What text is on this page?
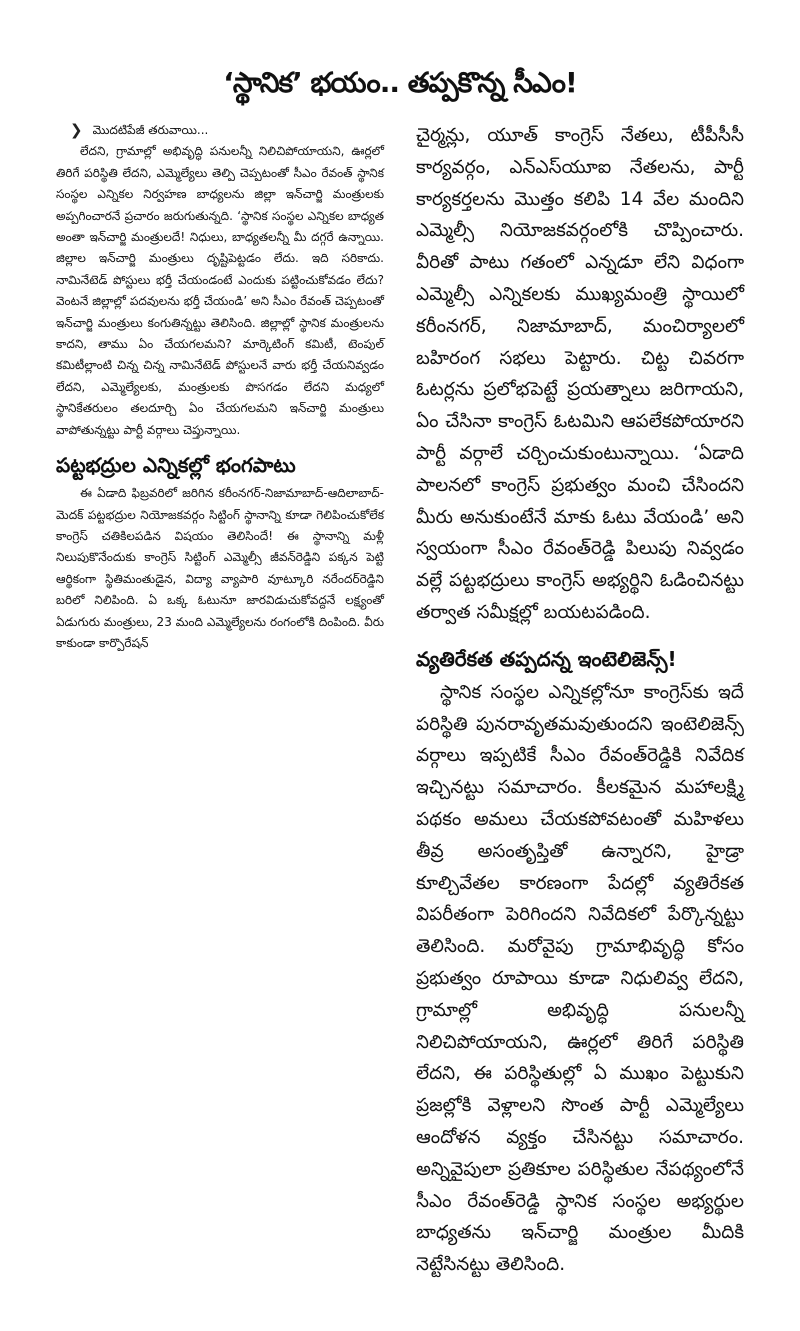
‘స్థానిక’ భయం.. తప్పకొన్న సీఎం!
❯ మొదటిపేజీ తరువాయి...

లేదని, గ్రామాల్లో అభివృద్ధి పనులన్నీ నిలిచిపోయాయని, ఊర్లలో తిరిగే పరిస్థితి లేదని, ఎమ్మెల్యేలు తెల్పి చెప్పటంతో సీఎం రేవంత్ స్థానిక సంస్థల ఎన్నికల నిర్వహణ బాధ్యలను జిల్లా ఇన్‌చార్జి మంత్రులకు అప్పగించారనే ప్రచారం జరుగుతున్నది. ‘స్థానిక సంస్థల ఎన్నికల బాధ్యత అంతా ఇన్‌చార్జి మంత్రులదే! నిధులు, బాధ్యతలన్నీ మీ దగ్గరే ఉన్నాయి. జిల్లాల ఇన్‌చార్జి మంత్రులు దృష్టిపెట్టడం లేదు. ఇది సరికాదు. నామినేటెడ్ పోస్టులు భర్తీ చేయండంటే ఎందుకు పట్టించుకోవడం లేదు? వెంటనే జిల్లాల్లో పదవులను భర్తీ చేయండి’ అని సీఎం రేవంత్ చెప్పటంతో ఇన్‌చార్జి మంత్రులు కంగుతిన్నట్టు తెలిసింది. జిల్లాల్లో స్థానిక మంత్రులను కాదని, తాము ఏం చేయగలమని? మార్కెటింగ్ కమిటీ, టెంపుల్ కమిటీల్లాంటి చిన్న చిన్న నామినేటెడ్ పోస్టులనే వారు భర్తీ చేయనివ్వడం లేదని, ఎమ్మెల్యేలకు, మంత్రులకు పొసగడం లేదని మధ్యలో స్థానికేతరులం తలదూర్చి ఏం చేయగలమని ఇన్‌చార్జి మంత్రులు వాపోతున్నట్టు పార్టీ వర్గాలు చెప్తున్నాయి.

పట్టభద్రుల ఎన్నికల్లో భంగపాటు

ఈ ఏడాది ఫిబ్రవరిలో జరిగిన కరీంనగర్-నిజామాబాద్-ఆదిలాబాద్-మెదక్ పట్టభద్రుల నియోజకవర్గం సిట్టింగ్ స్థానాన్ని కూడా గెలిపించుకోలేక కాంగ్రెస్ చతికిలపడిన విషయం తెలిసిందే! ఈ స్థానాన్ని మళ్లీ నిలుపుకొనేందుకు కాంగ్రెస్ సిట్టింగ్ ఎమ్మెల్సీ జీవన్‌రెడ్డిని పక్కన పెట్టి ఆర్థికంగా స్థితిమంతుడైన, విద్యా వ్యాపారి వూట్కూరి నరేందర్‌రెడ్డిని బరిలో నిలిపింది. ఏ ఒక్క ఓటునూ జారవిడుచుకోవద్దనే లక్ష్యంతో ఏడుగురు మంత్రులు, 23 మంది ఎమ్మెల్యేలను రంగంలోకి దింపింది. వీరు కాకుండా కార్పొరేషన్

చైర్మన్లు, యూత్ కాంగ్రెస్ నేతలు, టీపీసీసీ కార్యవర్గం, ఎన్‌ఎస్‌యూఐ నేతలను, పార్టీ కార్యకర్తలను మొత్తం కలిపి 14 వేల మందిని ఎమ్మెల్సీ నియోజకవర్గంలోకి చొప్పించారు. వీరితో పాటు గతంలో ఎన్నడూ లేని విధంగా ఎమ్మెల్సీ ఎన్నికలకు ముఖ్యమంత్రి స్థాయిలో కరీంనగర్, నిజామాబాద్, మంచిర్యాలలో బహిరంగ సభలు పెట్టారు. చిట్ట చివరగా ఓటర్లను ప్రలోభపెట్టే ప్రయత్నాలు జరిగాయని, ఏం చేసినా కాంగ్రెస్ ఓటమిని ఆపలేకపోయారని పార్టీ వర్గాలే చర్చించుకుంటున్నాయి. ‘ఏడాది పాలనలో కాంగ్రెస్ ప్రభుత్వం మంచి చేసిందని మీరు అనుకుంటేనే మాకు ఓటు వేయండి’ అని స్వయంగా సీఎం రేవంత్‌రెడ్డి పిలుపు నివ్వడం వల్లే పట్టభద్రులు కాంగ్రెస్ అభ్యర్థిని ఓడించినట్టు తర్వాత సమీక్షల్లో బయటపడింది.

వ్యతిరేకత తప్పదన్న ఇంటెలిజెన్స్!

స్థానిక సంస్థల ఎన్నికల్లోనూ కాంగ్రెస్‌కు ఇదే పరిస్థితి పునరావృతమవుతుందని ఇంటెలిజెన్స్ వర్గాలు ఇప్పటికే సీఎం రేవంత్‌రెడ్డికి నివేదిక ఇచ్చినట్టు సమాచారం. కీలకమైన మహాలక్ష్మి పథకం అమలు చేయకపోవటంతో మహిళలు తీవ్ర అసంతృప్తితో ఉన్నారని, హైడ్రా కూల్చివేతల కారణంగా పేదల్లో వ్యతిరేకత విపరీతంగా పెరిగిందని నివేదికలో పేర్కొన్నట్టు తెలిసింది. మరోవైపు గ్రామాభివృద్ధి కోసం ప్రభుత్వం రూపాయి కూడా నిధులివ్వ లేదని, గ్రామాల్లో అభివృద్ధి పనులన్నీ నిలిచిపోయాయని, ఊర్లలో తిరిగే పరిస్థితి లేదని, ఈ పరిస్థితుల్లో ఏ ముఖం పెట్టుకుని ప్రజల్లోకి వెళ్లాలని సొంత పార్టీ ఎమ్మెల్యేలు ఆందోళన వ్యక్తం చేసినట్టు సమాచారం. అన్నివైపులా ప్రతికూల పరిస్థితుల నేపథ్యంలోనే సీఎం రేవంత్‌రెడ్డి స్థానిక సంస్థల అభ్యర్థుల బాధ్యతను ఇన్‌చార్జి మంత్రుల మీదికి నెట్టేసినట్టు తెలిసింది.
